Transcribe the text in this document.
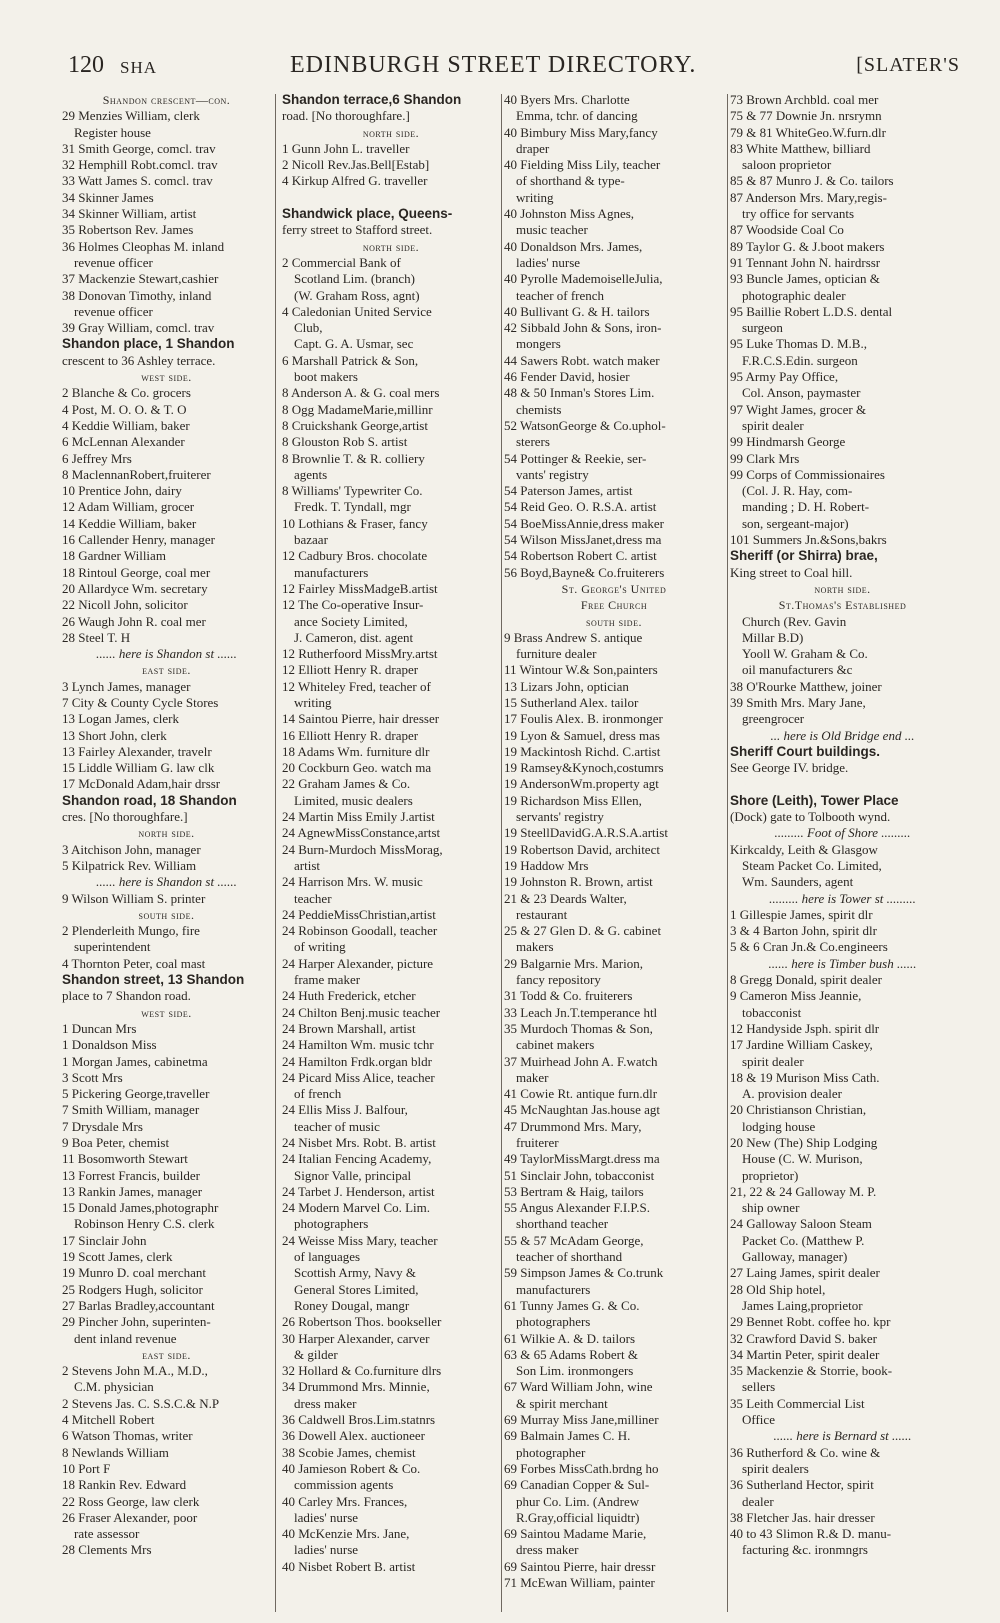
120 SHA	EDINBURGH STREET DIRECTORY.	[SLATER'S
Shandon crescent—con.
29 Menzies William, clerk
Register house
31 Smith George, comcl. trav
32 Hemphill Robt.comcl. trav
33 Watt James S. comcl. trav
34 Skinner James
34 Skinner William, artist
35 Robertson Rev. James
36 Holmes Cleophas M. inland
revenue officer
37 Mackenzie Stewart,cashier
38 Donovan Timothy, inland
revenue officer
39 Gray William, comcl. trav
Shandon place, 1 Shandon
crescent to 36 Ashley terrace.
west side.
2 Blanche & Co. grocers
4 Post, M. O. O. & T. O
4 Keddie William, baker
6 McLennan Alexander
6 Jeffrey Mrs
8 MaclennanRobert,fruiterer
10 Prentice John, dairy
12 Adam William, grocer
14 Keddie William, baker
16 Callender Henry, manager
18 Gardner William
18 Rintoul George, coal mer
20 Allardyce Wm. secretary
22 Nicoll John, solicitor
26 Waugh John R. coal mer
28 Steel T. H
...... here is Shandon st ......
east side.
3 Lynch James, manager
7 City & County Cycle Stores
13 Logan James, clerk
13 Short John, clerk
13 Fairley Alexander, travelr
15 Liddle William G. law clk
17 McDonald Adam,hair drssr
Shandon road, 18 Shandon
cres. [No thoroughfare.]
north side.
3 Aitchison John, manager
5 Kilpatrick Rev. William
...... here is Shandon st ......
9 Wilson William S. printer
south side.
2 Plenderleith Mungo, fire
superintendent
4 Thornton Peter, coal mast
Shandon street, 13 Shandon
place to 7 Shandon road.
west side.
1 Duncan Mrs
1 Donaldson Miss
1 Morgan James, cabinetma
3 Scott Mrs
5 Pickering George,traveller
7 Smith William, manager
7 Drysdale Mrs
9 Boa Peter, chemist
11 Bosomworth Stewart
13 Forrest Francis, builder
13 Rankin James, manager
15 Donald James,photographr
Robinson Henry C.S. clerk
17 Sinclair John
19 Scott James, clerk
19 Munro D. coal merchant
25 Rodgers Hugh, solicitor
27 Barlas Bradley,accountant
29 Pincher John, superinten-
dent inland revenue
east side.
2 Stevens John M.A., M.D.,
C.M. physician
2 Stevens Jas. C. S.S.C.& N.P
4 Mitchell Robert
6 Watson Thomas, writer
8 Newlands William
10 Port F
18 Rankin Rev. Edward
22 Ross George, law clerk
26 Fraser Alexander, poor
rate assessor
28 Clements Mrs
Shandon terrace,6 Shandon
road. [No thoroughfare.]
north side.
1 Gunn John L. traveller
2 Nicoll Rev.Jas.Bell[Estab]
4 Kirkup Alfred G. traveller

Shandwick place, Queens-
ferry street to Stafford street.
north side.
2 Commercial Bank of
Scotland Lim. (branch)
(W. Graham Ross, agnt)
4 Caledonian United Service
Club,
Capt. G. A. Usmar, sec
6 Marshall Patrick & Son,
boot makers
8 Anderson A. & G. coal mers
8 Ogg MadameMarie,millinr
8 Cruickshank George,artist
8 Glouston Rob S. artist
8 Brownlie T. & R. colliery
agents
8 Williams' Typewriter Co.
Fredk. T. Tyndall, mgr
10 Lothians & Fraser, fancy
bazaar
12 Cadbury Bros. chocolate
manufacturers
12 Fairley MissMadgeB.artist
12 The Co-operative Insur-
ance Society Limited,
J. Cameron, dist. agent
12 Rutherfoord MissMry.artst
12 Elliott Henry R. draper
12 Whiteley Fred, teacher of
writing
14 Saintou Pierre, hair dresser
16 Elliott Henry R. draper
18 Adams Wm. furniture dlr
20 Cockburn Geo. watch ma
22 Graham James & Co.
Limited, music dealers
24 Martin Miss Emily J.artist
24 AgnewMissConstance,artst
24 Burn-Murdoch MissMorag,
artist
24 Harrison Mrs. W. music
teacher
24 PeddieMissChristian,artist
24 Robinson Goodall, teacher
of writing
24 Harper Alexander, picture
frame maker
24 Huth Frederick, etcher
24 Chilton Benj.music teacher
24 Brown Marshall, artist
24 Hamilton Wm. music tchr
24 Hamilton Frdk.organ bldr
24 Picard Miss Alice, teacher
of french
24 Ellis Miss J. Balfour,
teacher of music
24 Nisbet Mrs. Robt. B. artist
24 Italian Fencing Academy,
Signor Valle, principal
24 Tarbet J. Henderson, artist
24 Modern Marvel Co. Lim.
photographers
24 Weisse Miss Mary, teacher
of languages
Scottish Army, Navy &
General Stores Limited,
Roney Dougal, mangr
26 Robertson Thos. bookseller
30 Harper Alexander, carver
& gilder
32 Hollard & Co.furniture dlrs
34 Drummond Mrs. Minnie,
dress maker
36 Caldwell Bros.Lim.statnrs
36 Dowell Alex. auctioneer
38 Scobie James, chemist
40 Jamieson Robert & Co.
commission agents
40 Carley Mrs. Frances,
ladies' nurse
40 McKenzie Mrs. Jane,
ladies' nurse
40 Nisbet Robert B. artist
40 Byers Mrs. Charlotte
Emma, tchr. of dancing
40 Bimbury Miss Mary,fancy
draper
40 Fielding Miss Lily, teacher
of shorthand & type-
writing
40 Johnston Miss Agnes,
music teacher
40 Donaldson Mrs. James,
ladies' nurse
40 Pyrolle MademoiselleJulia,
teacher of french
40 Bullivant G. & H. tailors
42 Sibbald John & Sons, iron-
mongers
44 Sawers Robt. watch maker
46 Fender David, hosier
48 & 50 Inman's Stores Lim.
chemists
52 WatsonGeorge & Co.uphol-
sterers
54 Pottinger & Reekie, ser-
vants' registry
54 Paterson James, artist
54 Reid Geo. O. R.S.A. artist
54 BoeMissAnnie,dress maker
54 Wilson MissJanet,dress ma
54 Robertson Robert C. artist
56 Boyd,Bayne& Co.fruiterers
St. George's United
Free Church
south side.
9 Brass Andrew S. antique
furniture dealer
11 Wintour W.& Son,painters
13 Lizars John, optician
15 Sutherland Alex. tailor
17 Foulis Alex. B. ironmonger
19 Lyon & Samuel, dress mas
19 Mackintosh Richd. C.artist
19 Ramsey&Kynoch,costumrs
19 AndersonWm.property agt
19 Richardson Miss Ellen,
servants' registry
19 SteellDavidG.A.R.S.A.artist
19 Robertson David, architect
19 Haddow Mrs
19 Johnston R. Brown, artist
21 & 23 Deards Walter,
restaurant
25 & 27 Glen D. & G. cabinet
makers
29 Balgarnie Mrs. Marion,
fancy repository
31 Todd & Co. fruiterers
33 Leach Jn.T.temperance htl
35 Murdoch Thomas & Son,
cabinet makers
37 Muirhead John A. F.watch
maker
41 Cowie Rt. antique furn.dlr
45 McNaughtan Jas.house agt
47 Drummond Mrs. Mary,
fruiterer
49 TaylorMissMargt.dress ma
51 Sinclair John, tobacconist
53 Bertram & Haig, tailors
55 Angus Alexander F.I.P.S.
shorthand teacher
55 & 57 McAdam George,
teacher of shorthand
59 Simpson James & Co.trunk
manufacturers
61 Tunny James G. & Co.
photographers
61 Wilkie A. & D. tailors
63 & 65 Adams Robert &
Son Lim. ironmongers
67 Ward William John, wine
& spirit merchant
69 Murray Miss Jane,milliner
69 Balmain James C. H.
photographer
69 Forbes MissCath.brdng ho
69 Canadian Copper & Sul-
phur Co. Lim. (Andrew
R.Gray,official liquidtr)
69 Saintou Madame Marie,
dress maker
69 Saintou Pierre, hair dressr
71 McEwan William, painter
73 Brown Archbld. coal mer
75 & 77 Downie Jn. nrsrymn
79 & 81 WhiteGeo.W.furn.dlr
83 White Matthew, billiard
saloon proprietor
85 & 87 Munro J. & Co. tailors
87 Anderson Mrs. Mary,regis-
try office for servants
87 Woodside Coal Co
89 Taylor G. & J.boot makers
91 Tennant John N. hairdrssr
93 Buncle James, optician &
photographic dealer
95 Baillie Robert L.D.S. dental
surgeon
95 Luke Thomas D. M.B.,
F.R.C.S.Edin. surgeon
95 Army Pay Office,
Col. Anson, paymaster
97 Wight James, grocer &
spirit dealer
99 Hindmarsh George
99 Clark Mrs
99 Corps of Commissionaires
(Col. J. R. Hay, com-
manding ; D. H. Robert-
son, sergeant-major)
101 Summers Jn.&Sons,bakrs
Sheriff (or Shirra) brae,
King street to Coal hill.
north side.
St.Thomas's Established
Church (Rev. Gavin
Millar B.D)
Yooll W. Graham & Co.
oil manufacturers &c
38 O'Rourke Matthew, joiner
39 Smith Mrs. Mary Jane,
greengrocer
... here is Old Bridge end ...
Sheriff Court buildings.
See George IV. bridge.

Shore (Leith), Tower Place
(Dock) gate to Tolbooth wynd.
......... Foot of Shore .........
Kirkcaldy, Leith & Glasgow
Steam Packet Co. Limited,
Wm. Saunders, agent
......... here is Tower st .........
1 Gillespie James, spirit dlr
3 & 4 Barton John, spirit dlr
5 & 6 Cran Jn.& Co.engineers
...... here is Timber bush ......
8 Gregg Donald, spirit dealer
9 Cameron Miss Jeannie,
tobacconist
12 Handyside Jsph. spirit dlr
17 Jardine William Caskey,
spirit dealer
18 & 19 Murison Miss Cath.
A. provision dealer
20 Christianson Christian,
lodging house
20 New (The) Ship Lodging
House (C. W. Murison,
proprietor)
21, 22 & 24 Galloway M. P.
ship owner
24 Galloway Saloon Steam
Packet Co. (Matthew P.
Galloway, manager)
27 Laing James, spirit dealer
28 Old Ship hotel,
James Laing,proprietor
29 Bennet Robt. coffee ho. kpr
32 Crawford David S. baker
34 Martin Peter, spirit dealer
35 Mackenzie & Storrie, book-
sellers
35 Leith Commercial List
Office
...... here is Bernard st ......
36 Rutherford & Co. wine &
spirit dealers
36 Sutherland Hector, spirit
dealer
38 Fletcher Jas. hair dresser
40 to 43 Slimon R.& D. manu-
facturing &c. ironmngrs
